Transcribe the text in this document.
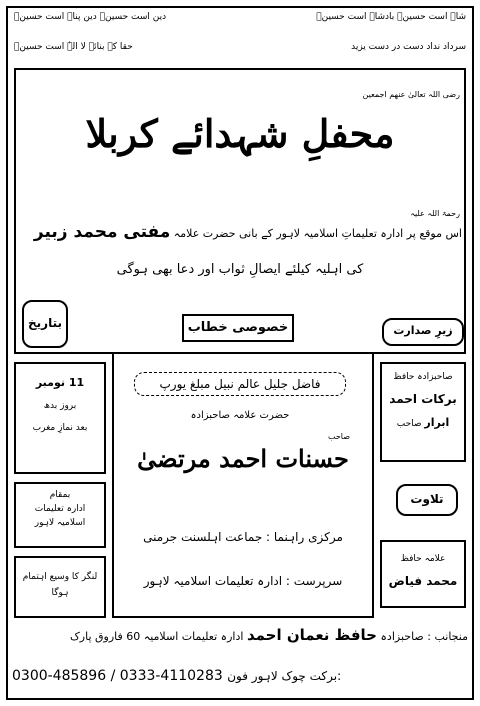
شاہ است حسینؑ بادشاہ است حسینؑ
دین است حسینؑ دین پناہ است حسینؑ
سرداد نداد دست در دست یزید
حقا کہ بنائے لا الہٰ است حسینؑ
رضی اللہ تعالیٰ عنھم اجمعین
محفلِ شہدائے کربلا
رحمۃ اللہ علیہ
اس موقع پر ادارہ تعلیماتِ اسلامیہ لاہور کے بانی حضرت علامہ مفتی محمد زبیر
کی اہلیہ کیلئے ایصالِ ثواب اور دعا بھی ہوگی
بتاریخ
11 نومبر
بروز بدھ
بعد نمازِ مغرب
بمقام
ادارہ تعلیمات
اسلامیہ لاہور
لنگر کا وسیع اہتمام
ہوگا
خصوصی خطاب
فاضل جلیل عالم نبیل مبلغ یورپ
حضرت علامہ صاحبزادہ
صاحب
حسنات احمد مرتضیٰ
مرکزی راہنما : جماعت اہلسنت جرمنی
سرپرست : ادارہ تعلیمات اسلامیہ لاہور
زیرِ صدارت
صاحبزادہ حافظ
برکات احمد
ابرار صاحب
تلاوت
علامہ حافظ
محمد فیاض
منجانب : صاحبزادہ حافظ نعمان احمد ادارہ تعلیمات اسلامیہ 60 فاروق پارک
0300-485896 / 0333-4110283 برکت چوک لاہور فون:
